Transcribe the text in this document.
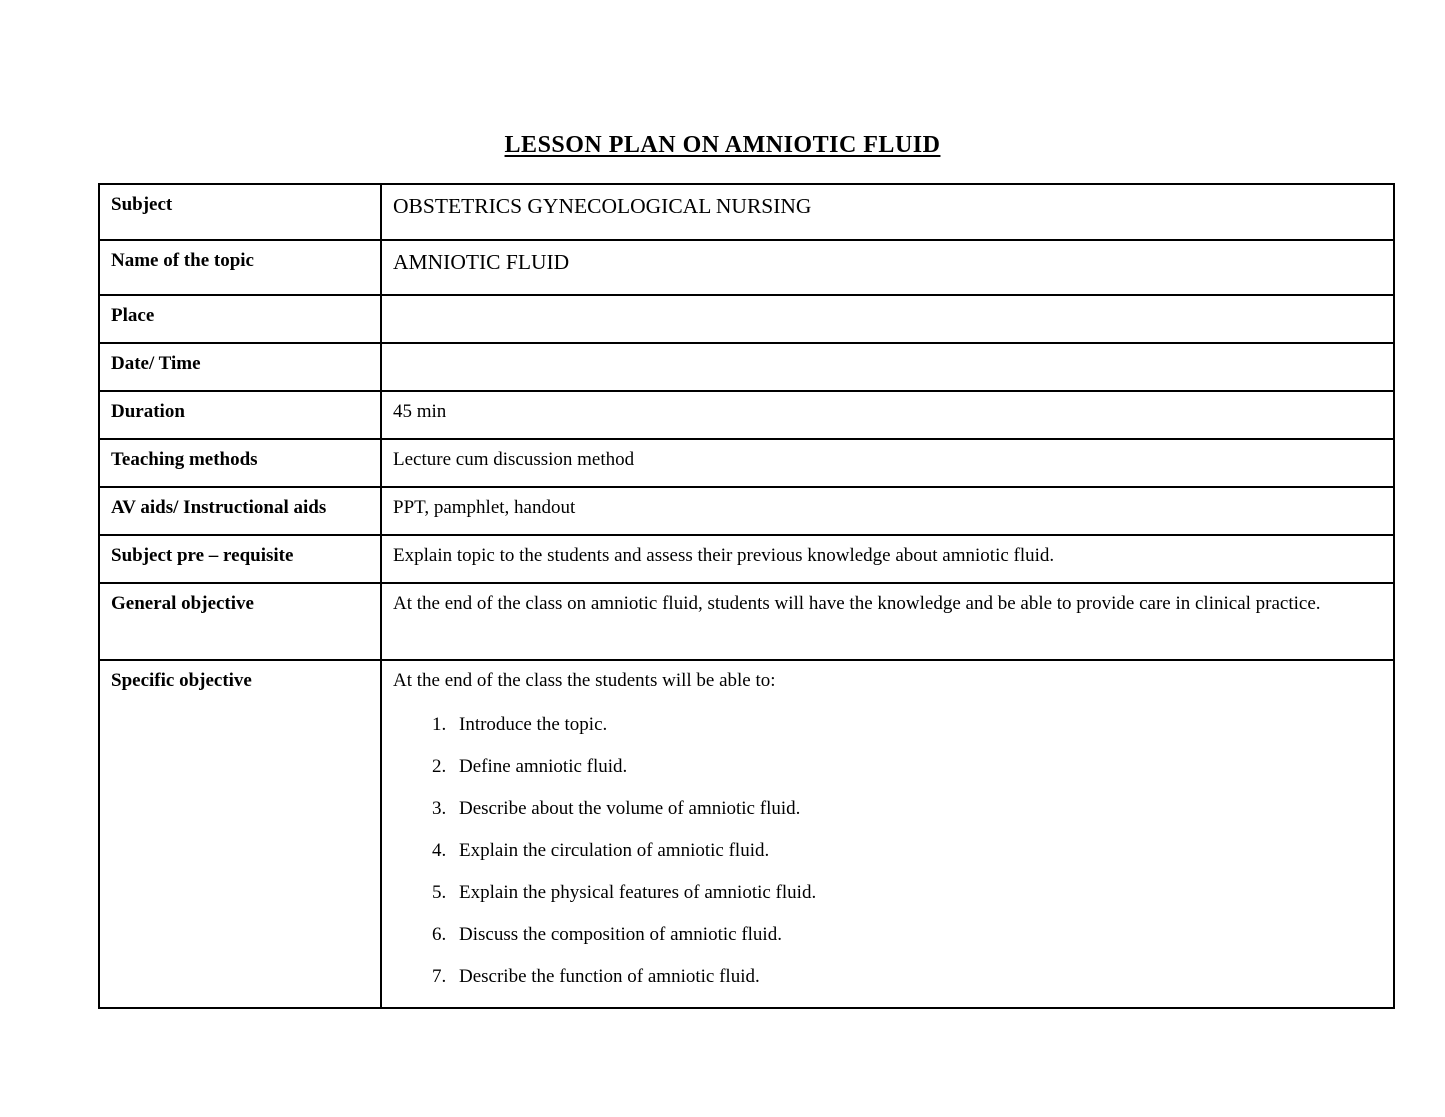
LESSON PLAN ON AMNIOTIC FLUID
Subject	OBSTETRICS GYNECOLOGICAL NURSING
Name of the topic	AMNIOTIC FLUID
Place	
Date/ Time	
Duration	45 min
Teaching methods	Lecture cum discussion method
AV aids/ Instructional aids	PPT, pamphlet, handout
Subject pre – requisite	Explain topic to the students and assess their previous knowledge about amniotic fluid.
General objective	At the end of the class on amniotic fluid, students will have the knowledge and be able to provide care in clinical practice.
Specific objective	At the end of the class the students will be able to:
1. Introduce the topic.
2. Define amniotic fluid.
3. Describe about the volume of amniotic fluid.
4. Explain the circulation of amniotic fluid.
5. Explain the physical features of amniotic fluid.
6. Discuss the composition of amniotic fluid.
7. Describe the function of amniotic fluid.
